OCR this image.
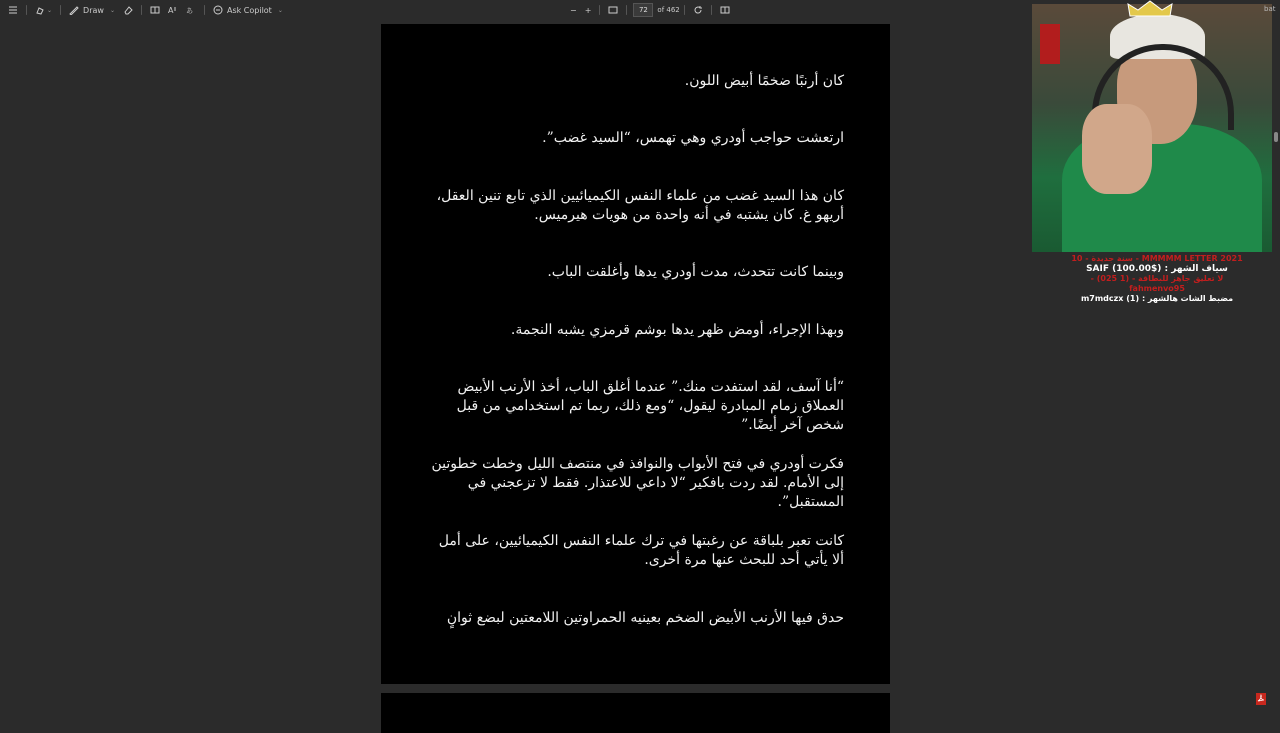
⌄	Draw ⌄	A あ	Ask Copilot ⌄	− +
72	of 462

كان أرنبًا ضخمًا أبيض اللون.

ارتعشت حواجب أودري وهي تهمس، “السيد غضب”.

كان هذا السيد غضب من علماء النفس الكيميائيين الذي تابع تنين العقل، أريهو غ. كان يشتبه في أنه واحدة من هويات هيرميس.

وبينما كانت تتحدث، مدت أودري يدها وأغلقت الباب.

وبهذا الإجراء، أومض ظهر يدها بوشم قرمزي يشبه النجمة.

“أنا آسف، لقد استفدت منك.” عندما أغلق الباب، أخذ الأرنب الأبيض العملاق زمام المبادرة ليقول، “ومع ذلك، ربما تم استخدامي من قبل شخص آخر أيضًا.”

فكرت أودري في فتح الأبواب والنوافذ في منتصف الليل وخطت خطوتين إلى الأمام. لقد ردت بافكير “لا داعي للاعتذار. فقط لا تزعجني في المستقبل”.

كانت تعبر بلباقة عن رغبتها في ترك علماء النفس الكيميائيين، على أمل ألا يأتي أحد للبحث عنها مرة أخرى.

حدق فيها الأرنب الأبيض الضخم بعينيه الحمراوتين اللامعتين لبضع ثوانٍ

bat
MMMMM LETTER 2021 - سنة جديدة - 10
سياف الشهر : ($100.00) SAIF
لا تعليق جاهز للبطاقة - (1 025) - fahmenvo95
مضبط الشات هالشهر : (1) m7mdczx
